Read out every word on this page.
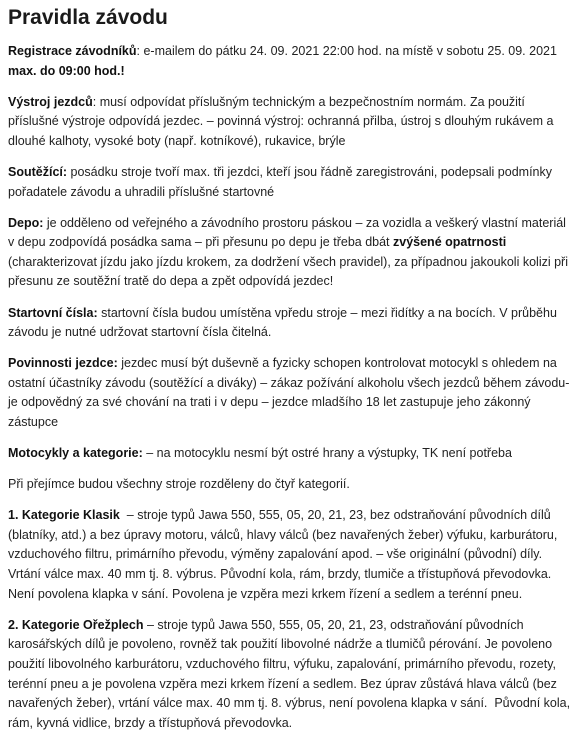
Pravidla závodu

Registrace závodníků: e-mailem do pátku 24. 09. 2021 22:00 hod. na místě v sobotu 25. 09. 2021 max. do 09:00 hod.!

Výstroj jezdců: musí odpovídat příslušným technickým a bezpečnostním normám. Za použití příslušné výstroje odpovídá jezdec. – povinná výstroj: ochranná přilba, ústroj s dlouhým rukávem a dlouhé kalhoty, vysoké boty (např. kotníkové), rukavice, brýle

Soutěžící: posádku stroje tvoří max. tři jezdci, kteří jsou řádně zaregistrováni, podepsali podmínky pořadatele závodu a uhradili příslušné startovné

Depo: je odděleno od veřejného a závodního prostoru páskou – za vozidla a veškerý vlastní materiál v depu zodpovídá posádka sama – při přesunu po depu je třeba dbát zvýšené opatrnosti (charakterizovat jízdu jako jízdu krokem, za dodržení všech pravidel), za případnou jakoukoli kolizi při přesunu ze soutěžní tratě do depa a zpět odpovídá jezdec!

Startovní čísla: startovní čísla budou umístěna vpředu stroje – mezi řidítky a na bocích. V průběhu závodu je nutné udržovat startovní čísla čitelná.

Povinnosti jezdce: jezdec musí být duševně a fyzicky schopen kontrolovat motocykl s ohledem na ostatní účastníky závodu (soutěžící a diváky) – zákaz požívání alkoholu všech jezdců během závodu- je odpovědný za své chování na trati i v depu – jezdce mladšího 18 let zastupuje jeho zákonný zástupce

Motocykly a kategorie: – na motocyklu nesmí být ostré hrany a výstupky, TK není potřeba

Při přejímce budou všechny stroje rozděleny do čtyř kategorií.

1. Kategorie Klasik  – stroje typů Jawa 550, 555, 05, 20, 21, 23, bez odstraňování původních dílů (blatníky, atd.) a bez úpravy motoru, válců, hlavy válců (bez navařených žeber) výfuku, karburátoru, vzduchového filtru, primárního převodu, výměny zapalování apod. – vše originální (původní) díly. Vrtání válce max. 40 mm tj. 8. výbrus. Původní kola, rám, brzdy, tlumiče a třístupňová převodovka. Není povolena klapka v sání. Povolena je vzpěra mezi krkem řízení a sedlem a terénní pneu.

2. Kategorie Ořežplech – stroje typů Jawa 550, 555, 05, 20, 21, 23, odstraňování původních karosářských dílů je povoleno, rovněž tak použití libovolné nádrže a tlumičů pérování. Je povoleno použití libovolného karburátoru, vzduchového filtru, výfuku, zapalování, primárního převodu, rozety, terénní pneu a je povolena vzpěra mezi krkem řízení a sedlem. Bez úprav zůstává hlava válců (bez navařených žeber), vrtání válce max. 40 mm tj. 8. výbrus, není povolena klapka v sání.  Původní kola, rám, kyvná vidlice, brzdy a třístupňová převodovka.
